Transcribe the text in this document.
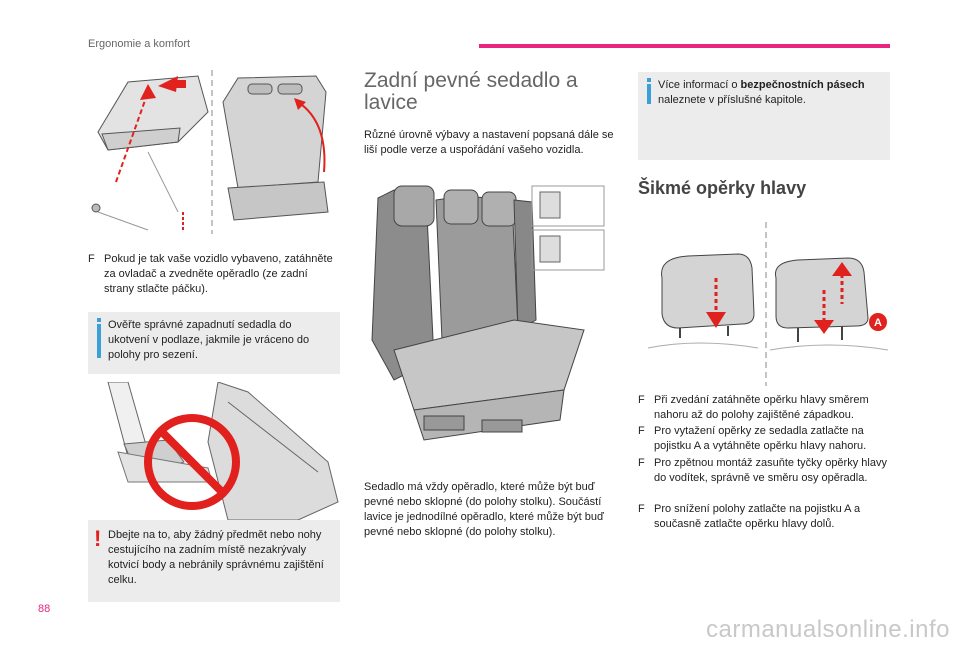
Ergonomie a komfort
F Pokud je tak vaše vozidlo vybaveno, zatáhněte za ovladač a zvedněte opěradlo (ze zadní strany stlačte páčku).
Ověřte správné zapadnutí sedadla do ukotvení v podlaze, jakmile je vráceno do polohy pro sezení.
! Dbejte na to, aby žádný předmět nebo nohy cestujícího na zadním místě nezakrývaly kotvicí body a nebránily správnému zajištění celku.
Zadní pevné sedadlo a lavice
Různé úrovně výbavy a nastavení popsaná dále se liší podle verze a uspořádání vašeho vozidla.
Sedadlo má vždy opěradlo, které může být buď pevné nebo sklopné (do polohy stolku). Součástí lavice je jednodílné opěradlo, které může být buď pevné nebo sklopné (do polohy stolku).
Více informací o bezpečnostních pásech naleznete v příslušné kapitole.
Šikmé opěrky hlavy
A
F Při zvedání zatáhněte opěrku hlavy směrem nahoru až do polohy zajištěné západkou.
F Pro vytažení opěrky ze sedadla zatlačte na pojistku A a vytáhněte opěrku hlavy nahoru.
F Pro zpětnou montáž zasuňte tyčky opěrky hlavy do vodítek, správně ve směru osy opěradla.
F Pro snížení polohy zatlačte na pojistku A a současně zatlačte opěrku hlavy dolů.
88
carmanualsonline.info
